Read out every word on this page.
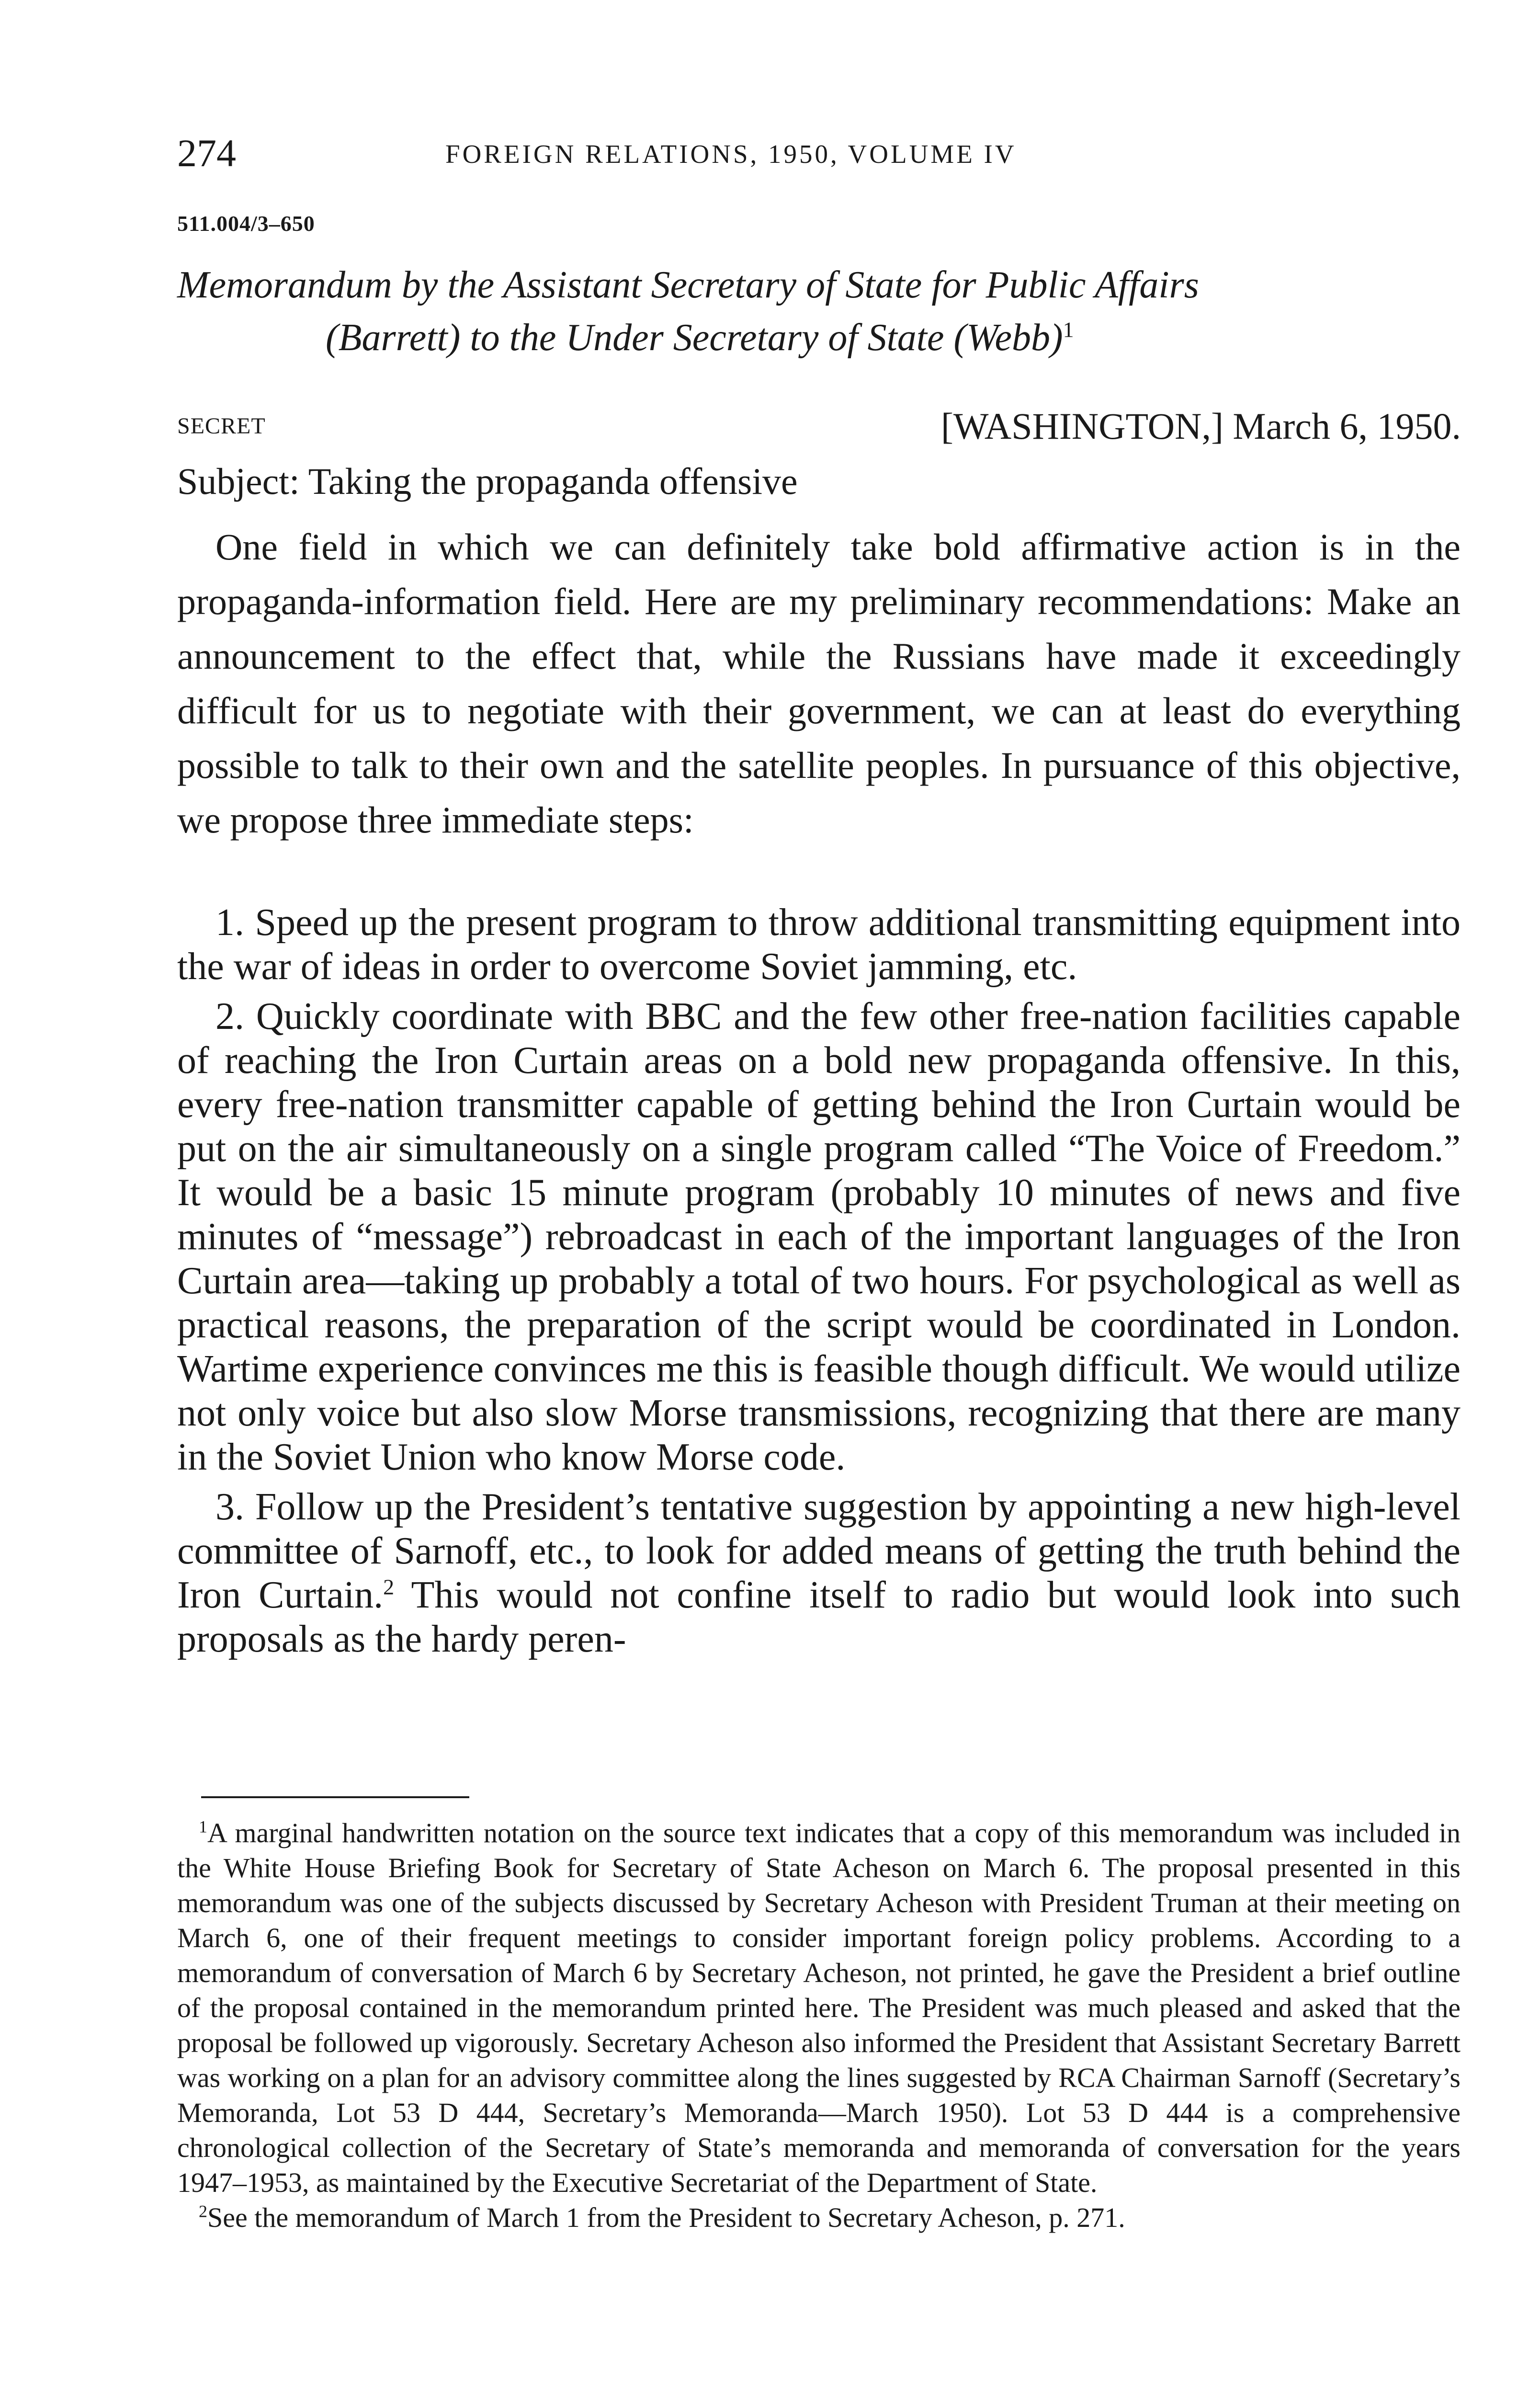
274	FOREIGN RELATIONS, 1950, VOLUME IV
511.004/3–650
Memorandum by the Assistant Secretary of State for Public Affairs
(Barrett) to the Under Secretary of State (Webb)$^1$
SECRET	[WASHINGTON,] March 6, 1950.
Subject: Taking the propaganda offensive

One field in which we can definitely take bold affirmative action is in the propaganda-information field. Here are my preliminary recommendations: Make an announcement to the effect that, while the Russians have made it exceedingly difficult for us to negotiate with their government, we can at least do everything possible to talk to their own and the satellite peoples. In pursuance of this objective, we propose three immediate steps:

1. Speed up the present program to throw additional transmitting equipment into the war of ideas in order to overcome Soviet jamming, etc.

2. Quickly coordinate with BBC and the few other free-nation facilities capable of reaching the Iron Curtain areas on a bold new propaganda offensive. In this, every free-nation transmitter capable of getting behind the Iron Curtain would be put on the air simultaneously on a single program called “The Voice of Freedom.” It would be a basic 15 minute program (probably 10 minutes of news and five minutes of “message”) rebroadcast in each of the important languages of the Iron Curtain area—taking up probably a total of two hours. For psychological as well as practical reasons, the preparation of the script would be coordinated in London. Wartime experience convinces me this is feasible though difficult. We would utilize not only voice but also slow Morse transmissions, recognizing that there are many in the Soviet Union who know Morse code.

3. Follow up the President’s tentative suggestion by appointing a new high-level committee of Sarnoff, etc., to look for added means of getting the truth behind the Iron Curtain.$^2$ This would not confine itself to radio but would look into such proposals as the hardy peren-

$^1$A marginal handwritten notation on the source text indicates that a copy of this memorandum was included in the White House Briefing Book for Secretary of State Acheson on March 6. The proposal presented in this memorandum was one of the subjects discussed by Secretary Acheson with President Truman at their meeting on March 6, one of their frequent meetings to consider important foreign policy problems. According to a memorandum of conversation of March 6 by Secretary Acheson, not printed, he gave the President a brief outline of the proposal contained in the memorandum printed here. The President was much pleased and asked that the proposal be followed up vigorously. Secretary Acheson also informed the President that Assistant Secretary Barrett was working on a plan for an advisory committee along the lines suggested by RCA Chairman Sarnoff (Secretary’s Memoranda, Lot 53 D 444, Secretary’s Memoranda—March 1950). Lot 53 D 444 is a comprehensive chronological collection of the Secretary of State’s memoranda and memoranda of conversation for the years 1947–1953, as maintained by the Executive Secretariat of the Department of State.

$^2$See the memorandum of March 1 from the President to Secretary Acheson, p. 271.
